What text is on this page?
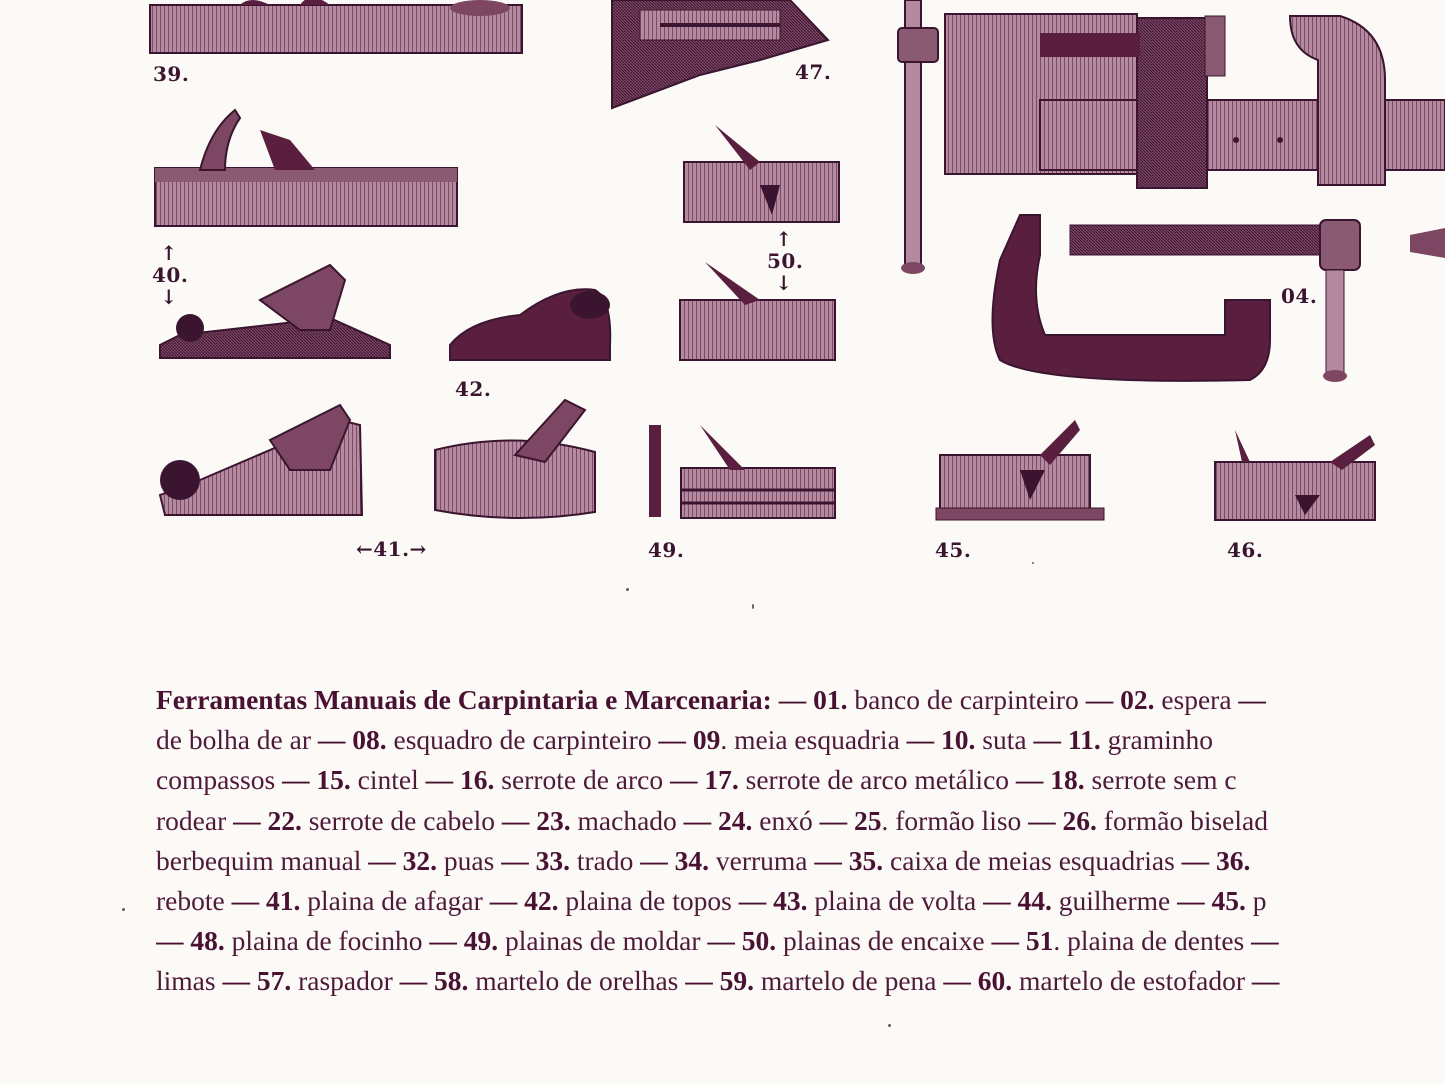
39.	47.
↑
40.
↓
↑
50.
↓
42.
04.
←41.→	49.	45.	46.
Ferramentas Manuais de Carpintaria e Marcenaria: — 01. banco de carpinteiro — 02. espera —
de bolha de ar — 08. esquadro de carpinteiro — 09. meia esquadria — 10. suta — 11. graminho
compassos — 15. cintel — 16. serrote de arco — 17. serrote de arco metálico — 18. serrote sem c
rodear — 22. serrote de cabelo — 23. machado — 24. enxó — 25. formão liso — 26. formão biselad
berbequim manual — 32. puas — 33. trado — 34. verruma — 35. caixa de meias esquadrias — 36.
rebote — 41. plaina de afagar — 42. plaina de topos — 43. plaina de volta — 44. guilherme — 45. p
— 48. plaina de focinho — 49. plainas de moldar — 50. plainas de encaixe — 51. plaina de dentes —
limas — 57. raspador — 58. martelo de orelhas — 59. martelo de pena — 60. martelo de estofador —
